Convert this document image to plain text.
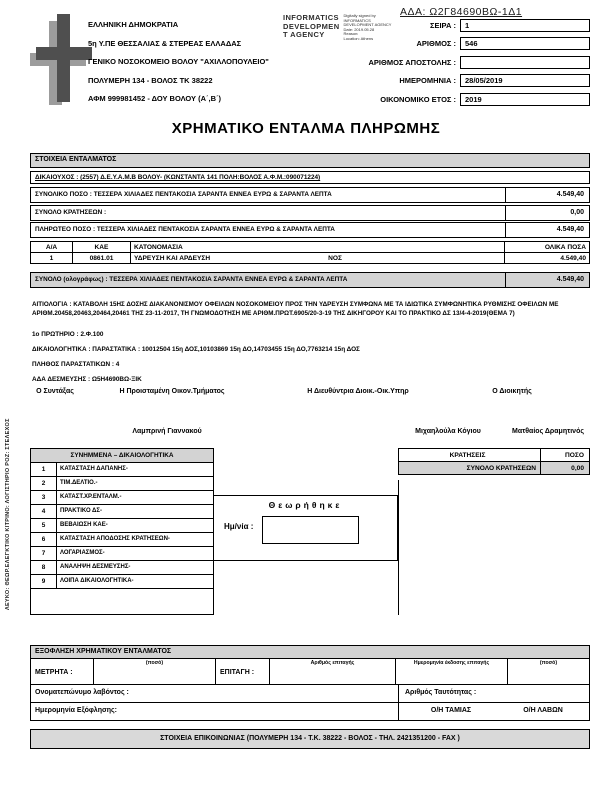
ΑΔΑ: Ω2Γ84690ΒΩ-1Δ1
ΕΛΛΗΝΙΚΗ ΔΗΜΟΚΡΑΤΙΑ
5η Υ.ΠΕ ΘΕΣΣΑΛΙΑΣ & ΣΤΕΡΕΑΣ ΕΛΛΑΔΑΣ
ΓΕΝΙΚΟ ΝΟΣΟΚΟΜΕΙΟ ΒΟΛΟΥ "ΑΧΙΛΛΟΠΟΥΛΕΙΟ"
ΠΟΛΥΜΕΡΗ 134 - ΒΟΛΟΣ ΤΚ 38222
ΑΦΜ 999981452 - ΔΟΥ ΒΟΛΟΥ (Α΄,Β΄)
INFORMATICS
DEVELOPMEN
T AGENCY
Digitally signed by
INFORMATICS
DEVELOPMENT AGENCY
Date: 2019.05.28
Reason:
Location: Athens
ΣΕΙΡΑ :	1
ΑΡΙΘΜΟΣ :	546
ΑΡΙΘΜΟΣ ΑΠΟΣΤΟΛΗΣ :
ΗΜΕΡΟΜΗΝΙΑ :	28/05/2019
ΟΙΚΟΝΟΜΙΚΟ ΕΤΟΣ :	2019
ΧΡΗΜΑΤΙΚΟ ΕΝΤΑΛΜΑ ΠΛΗΡΩΜΗΣ
ΣΤΟΙΧΕΙΑ ΕΝΤΑΛΜΑΤΟΣ
ΔΙΚΑΙΟΥΧΟΣ : (2557) Δ.Ε.Υ.Α.Μ.Β ΒΟΛΟΥ- (ΚΩΝΣΤΑΝΤΑ 141 ΠΟΛΗ:ΒΟΛΟΣ Α.Φ.Μ.:090071224)
ΣΥΝΟΛΙΚΟ ΠΟΣΟ : ΤΕΣΣΕΡΑ ΧΙΛΙΑΔΕΣ ΠΕΝΤΑΚΟΣΙΑ ΣΑΡΑΝΤΑ ΕΝΝΕΑ ΕΥΡΩ & ΣΑΡΑΝΤΑ ΛΕΠΤΑ	4.549,40
ΣΥΝΟΛΟ ΚΡΑΤΗΣΕΩΝ :	0,00
ΠΛΗΡΩΤΕΟ ΠΟΣΟ : ΤΕΣΣΕΡΑ ΧΙΛΙΑΔΕΣ ΠΕΝΤΑΚΟΣΙΑ ΣΑΡΑΝΤΑ ΕΝΝΕΑ ΕΥΡΩ & ΣΑΡΑΝΤΑ ΛΕΠΤΑ	4.549,40
Α/Α	ΚΑΕ	ΚΑΤΟΝΟΜΑΣΙΑ	ΟΛΙΚΑ ΠΟΣΑ
1	0861.01	ΥΔΡΕΥΣΗ ΚΑΙ ΑΡΔΕΥΣΗ	ΝΟΣ	4.549,40
ΣΥΝΟΛΟ (ολογράφως) : ΤΕΣΣΕΡΑ ΧΙΛΙΑΔΕΣ ΠΕΝΤΑΚΟΣΙΑ ΣΑΡΑΝΤΑ ΕΝΝΕΑ ΕΥΡΩ & ΣΑΡΑΝΤΑ ΛΕΠΤΑ	4.549,40
ΑΙΤΙΟΛΟΓΙΑ : ΚΑΤΑΒΟΛΗ 15ΗΣ ΔΟΣΗΣ ΔΙΑΚΑΝΟΝΙΣΜΟΥ ΟΦΕΙΛΩΝ ΝΟΣΟΚΟΜΕΙΟΥ ΠΡΟΣ ΤΗΝ ΥΔΡΕΥΣΗ ΣΥΜΦΩΝΑ ΜΕ ΤΑ ΙΔΙΩΤΙΚΑ ΣΥΜΦΩΝΗΤΙΚΑ ΡΥΘΜΙΣΗΣ ΟΦΕΙΛΩΝ ΜΕ ΑΡΙΘΜ.20458,20463,20464,20461 ΤΗΣ 23-11-2017, ΤΗ ΓΝΩΜΟΔΟΤΗΣΗ ΜΕ ΑΡΙΘΜ.ΠΡΩΤ.6905/20-3-19 ΤΗΣ ΔΙΚΗΓΟΡΟΥ ΚΑΙ ΤΟ ΠΡΑΚΤΙΚΟ ΔΣ 13/4-4-2019(ΘΕΜΑ 7)
1ο ΠΡΩΤΗΡΙΟ : 2.Φ.100
ΔΙΚΑΙΟΛΟΓΗΤΙΚΑ : ΠΑΡΑΣΤΑΤΙΚΑ : 10012504 15η ΔΟΣ,10103869 15η ΔΟ,14703455 15η ΔΟ,7763214 15η ΔΟΣ
ΠΛΗΘΟΣ ΠΑΡΑΣΤΑΤΙΚΩΝ : 4
ΑΔΑ ΔΕΣΜΕΥΣΗΣ : Ω5Η4690ΒΩ-ΞΙΚ
Ο Συντάξας	Η Προισταμένη Οικον.Τμήματος	Η Διευθύντρια Διοικ.-Οικ.Υπηρ	Ο Διοικητής
Λαμπρινή Γιαννακού	Μιχαηλούλα Κόγιου	Ματθαίος Δραμητινός
ΣΥΝΗΜΜΕΝΑ – ΔΙΚΑΙΟΛΟΓΗΤΙΚΑ
1	ΚΑΤΑΣΤΑΣΗ ΔΑΠΑΝΗΣ-
2	ΤΙΜ.ΔΕΛΤΙΟ.-
3	ΚΑΤΑΣΤ.ΧΡ.ΕΝΤΑΛΜ.-
4	ΠΡΑΚΤΙΚΟ ΔΣ-
5	ΒΕΒΑΙΩΣΗ ΚΑΕ-
6	ΚΑΤΑΣΤΑΣΗ ΑΠΟΔΟΣΗΣ ΚΡΑΤΗΣΕΩΝ-
7	ΛΟΓΑΡΙΑΣΜΟΣ-
8	ΑΝΑΛΗΨΗ ΔΕΣΜΕΥΣΗΣ-
9	ΛΟΙΠΑ ΔΙΚΑΙΟΛΟΓΗΤΙΚΑ-
Θεωρήθηκε
Ημ/νία :
ΚΡΑΤΗΣΕΙΣ	ΠΟΣΟ
ΣΥΝΟΛΟ ΚΡΑΤΗΣΕΩΝ	0,00
ΕΞΟΦΛΗΣΗ ΧΡΗΜΑΤΙΚΟΥ ΕΝΤΑΛΜΑΤΟΣ
ΜΕΤΡΗΤΑ :
(ποσό)
ΕΠΙΤΑΓΗ :
Αριθμός επιταγής	Ημερομηνία έκδοσης επιταγής	(ποσό)
Ονοματεπώνυμο λαβόντος :	Αριθμός Ταυτότητας :
Ημερομηνία Εξόφλησης:	Ο/Η ΤΑΜΙΑΣ	Ο/Η ΛΑΒΩΝ
ΣΤΟΙΧΕΙΑ ΕΠΙΚΟΙΝΩΝΙΑΣ (ΠΟΛΥΜΕΡΗ 134 - Τ.Κ. 38222 - ΒΟΛΟΣ - ΤΗΛ. 2421351200 - FAX )
ΛΕΥΚΟ: ΘΕΩΡ.ΕΛΕΓΚΤΙΚΟ ΚΙΤΡΙΝΟ: ΛΟΓΙΣΤΗΡΙΟ ΡΟΖ: ΣΤΕΛΕΧΟΣ
